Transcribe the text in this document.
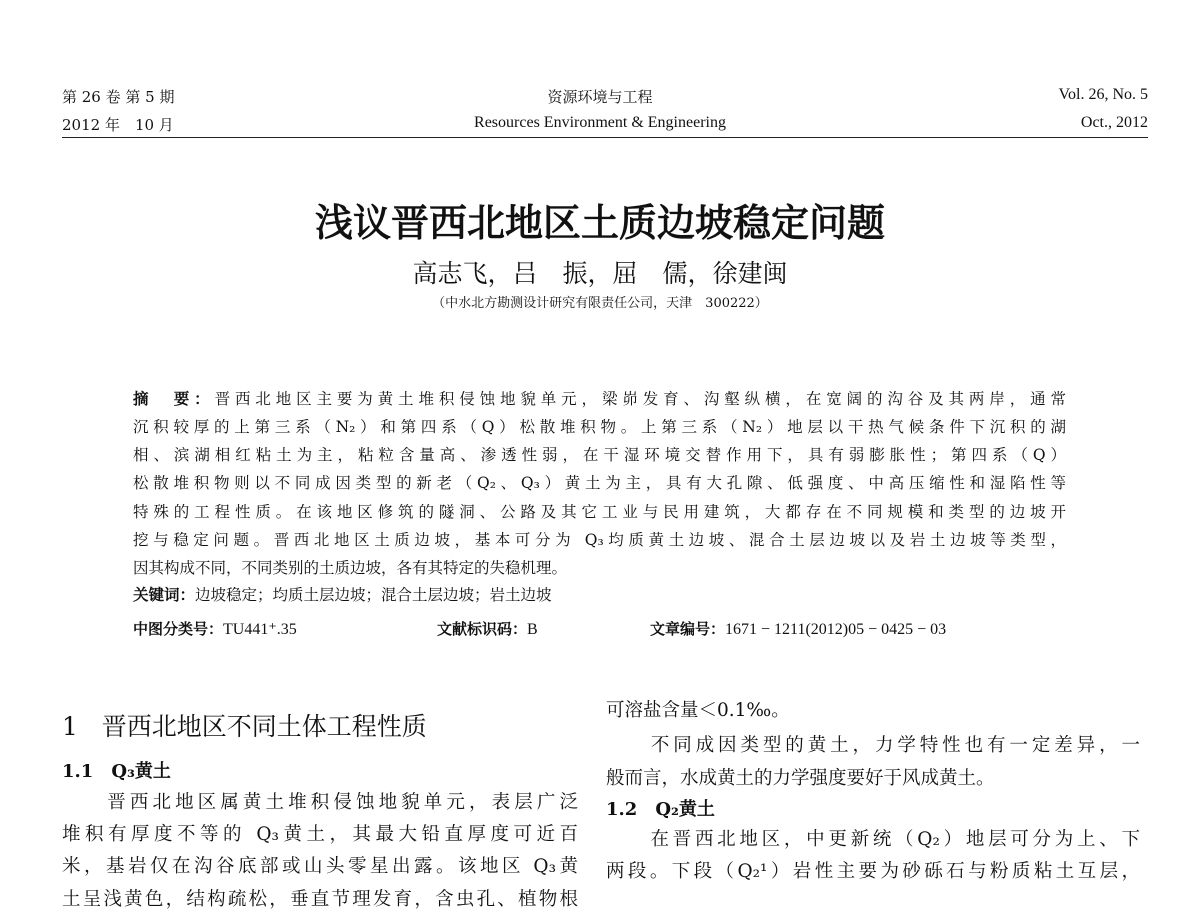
第 26 卷 第 5 期
2012 年　10 月
资源环境与工程
Resources Environment & Engineering
Vol. 26, No. 5
Oct., 2012
浅议晋西北地区土质边坡稳定问题
高志飞，吕　振，屈　儒，徐建闽
（中水北方勘测设计研究有限责任公司，天津　300222）
摘　要：晋西北地区主要为黄土堆积侵蚀地貌单元，梁峁发育、沟壑纵横，在宽阔的沟谷及其两岸，通常
沉积较厚的上第三系（N₂）和第四系（Q）松散堆积物。上第三系（N₂）地层以干热气候条件下沉积的湖
相、滨湖相红粘土为主，粘粒含量高、渗透性弱，在干湿环境交替作用下，具有弱膨胀性；第四系（Q）
松散堆积物则以不同成因类型的新老（Q₂、Q₃）黄土为主，具有大孔隙、低强度、中高压缩性和湿陷性等
特殊的工程性质。在该地区修筑的隧洞、公路及其它工业与民用建筑，大都存在不同规模和类型的边坡开
挖与稳定问题。晋西北地区土质边坡，基本可分为 Q₃均质黄土边坡、混合土层边坡以及岩土边坡等类型，
因其构成不同，不同类别的土质边坡，各有其特定的失稳机理。
关键词：边坡稳定；均质土层边坡；混合土层边坡；岩土边坡
中图分类号：TU441⁺.35	文献标识码：B	文章编号：1671 − 1211(2012)05 − 0425 − 03
1 晋西北地区不同土体工程性质
1.1　Q₃黄土
　　晋西北地区属黄土堆积侵蚀地貌单元，表层广泛
堆积有厚度不等的 Q₃黄土，其最大铅直厚度可近百
米，基岩仅在沟谷底部或山头零星出露。该地区 Q₃黄
土呈浅黄色，结构疏松，垂直节理发育，含虫孔、植物根
可溶盐含量＜0.1‰。
　　不同成因类型的黄土，力学特性也有一定差异，一
般而言，水成黄土的力学强度要好于风成黄土。
1.2　Q₂黄土
　　在晋西北地区，中更新统（Q₂）地层可分为上、下
两段。下段（Q₂¹）岩性主要为砂砾石与粉质粘土互层，
